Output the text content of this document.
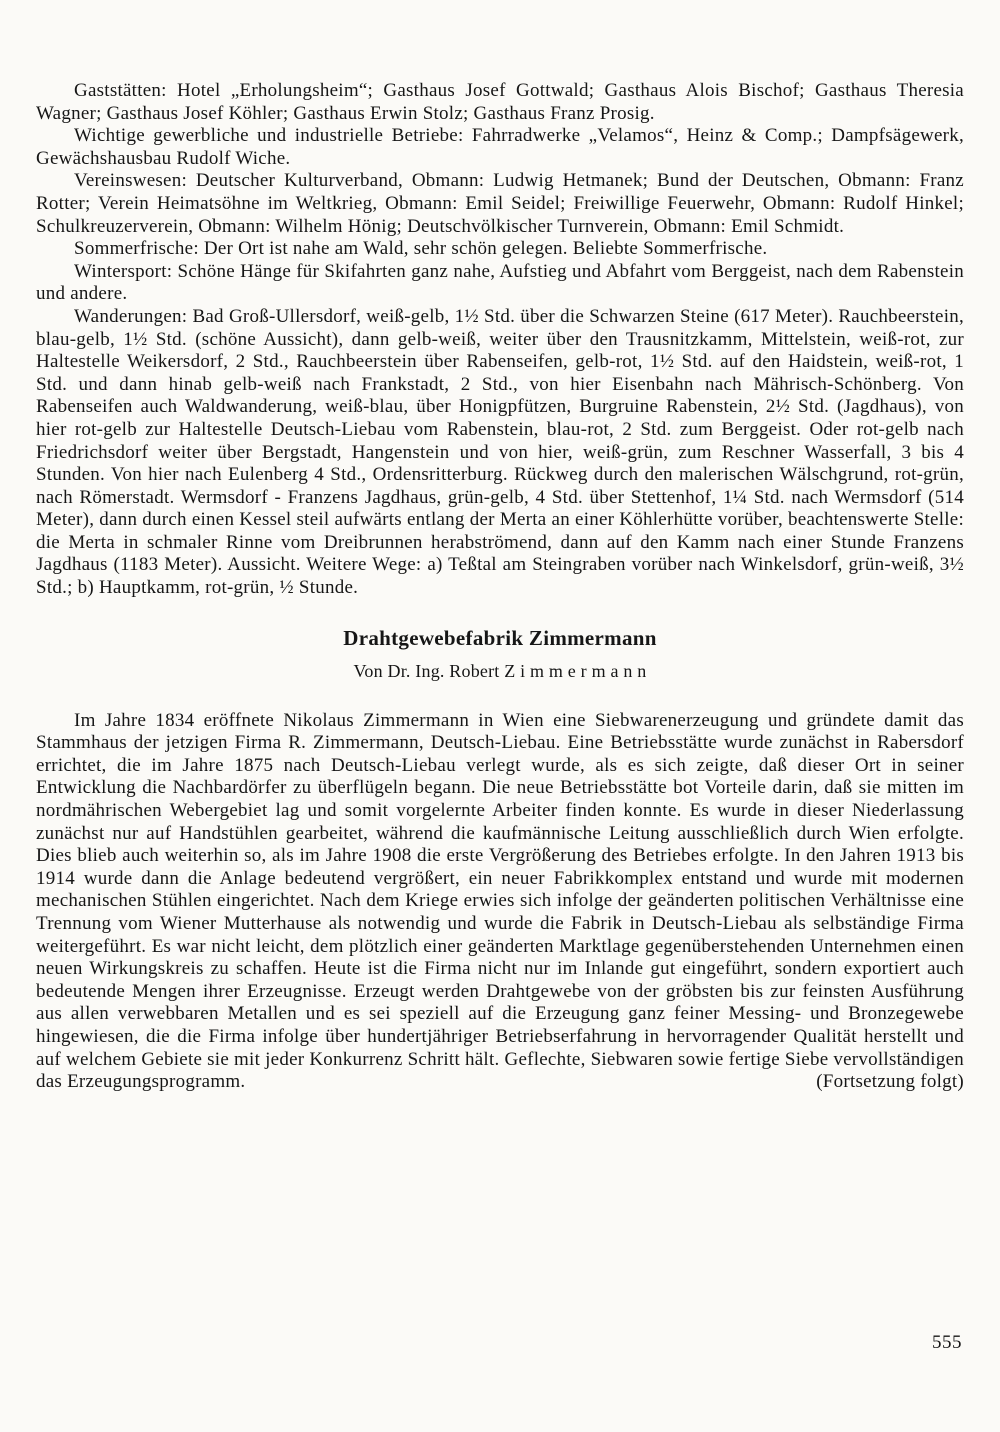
Gaststätten: Hotel „Erholungsheim“; Gasthaus Josef Gottwald; Gasthaus Alois Bischof; Gasthaus Theresia Wagner; Gasthaus Josef Köhler; Gasthaus Erwin Stolz; Gasthaus Franz Prosig.

Wichtige gewerbliche und industrielle Betriebe: Fahrradwerke „Velamos“, Heinz & Comp.; Dampfsägewerk, Gewächshausbau Rudolf Wiche.

Vereinswesen: Deutscher Kulturverband, Obmann: Ludwig Hetmanek; Bund der Deutschen, Obmann: Franz Rotter; Verein Heimatsöhne im Weltkrieg, Obmann: Emil Seidel; Freiwillige Feuerwehr, Obmann: Rudolf Hinkel; Schulkreuzerverein, Obmann: Wilhelm Hönig; Deutschvölkischer Turnverein, Obmann: Emil Schmidt.

Sommerfrische: Der Ort ist nahe am Wald, sehr schön gelegen. Beliebte Sommerfrische.

Wintersport: Schöne Hänge für Skifahrten ganz nahe, Aufstieg und Abfahrt vom Berggeist, nach dem Rabenstein und andere.

Wanderungen: Bad Groß-Ullersdorf, weiß-gelb, 1½ Std. über die Schwarzen Steine (617 Meter). Rauchbeerstein, blau-gelb, 1½ Std. (schöne Aussicht), dann gelb-weiß, weiter über den Trausnitzkamm, Mittelstein, weiß-rot, zur Haltestelle Weikersdorf, 2 Std., Rauchbeerstein über Rabenseifen, gelb-rot, 1½ Std. auf den Haidstein, weiß-rot, 1 Std. und dann hinab gelb-weiß nach Frankstadt, 2 Std., von hier Eisenbahn nach Mährisch-Schönberg. Von Rabenseifen auch Waldwanderung, weiß-blau, über Honigpfützen, Burgruine Rabenstein, 2½ Std. (Jagdhaus), von hier rot-gelb zur Haltestelle Deutsch-Liebau vom Rabenstein, blau-rot, 2 Std. zum Berggeist. Oder rot-gelb nach Friedrichsdorf weiter über Bergstadt, Hangenstein und von hier, weiß-grün, zum Reschner Wasserfall, 3 bis 4 Stunden. Von hier nach Eulenberg 4 Std., Ordensritterburg. Rückweg durch den malerischen Wälschgrund, rot-grün, nach Römerstadt. Wermsdorf - Franzens Jagdhaus, grün-gelb, 4 Std. über Stettenhof, 1¼ Std. nach Wermsdorf (514 Meter), dann durch einen Kessel steil aufwärts entlang der Merta an einer Köhlerhütte vorüber, beachtenswerte Stelle: die Merta in schmaler Rinne vom Dreibrunnen herabströmend, dann auf den Kamm nach einer Stunde Franzens Jagdhaus (1183 Meter). Aussicht. Weitere Wege: a) Teßtal am Steingraben vorüber nach Winkelsdorf, grün-weiß, 3½ Std.; b) Hauptkamm, rot-grün, ½ Stunde.

Drahtgewebefabrik Zimmermann

Von Dr. Ing. Robert Z i m m e r m a n n

Im Jahre 1834 eröffnete Nikolaus Zimmermann in Wien eine Siebwarenerzeugung und gründete damit das Stammhaus der jetzigen Firma R. Zimmermann, Deutsch-Liebau. Eine Betriebsstätte wurde zunächst in Rabersdorf errichtet, die im Jahre 1875 nach Deutsch-Liebau verlegt wurde, als es sich zeigte, daß dieser Ort in seiner Entwicklung die Nachbardörfer zu überflügeln begann. Die neue Betriebsstätte bot Vorteile darin, daß sie mitten im nordmährischen Webergebiet lag und somit vorgelernte Arbeiter finden konnte. Es wurde in dieser Niederlassung zunächst nur auf Handstühlen gearbeitet, während die kaufmännische Leitung ausschließlich durch Wien erfolgte. Dies blieb auch weiterhin so, als im Jahre 1908 die erste Vergrößerung des Betriebes erfolgte. In den Jahren 1913 bis 1914 wurde dann die Anlage bedeutend vergrößert, ein neuer Fabrikkomplex entstand und wurde mit modernen mechanischen Stühlen eingerichtet. Nach dem Kriege erwies sich infolge der geänderten politischen Verhältnisse eine Trennung vom Wiener Mutterhause als notwendig und wurde die Fabrik in Deutsch-Liebau als selbständige Firma weitergeführt. Es war nicht leicht, dem plötzlich einer geänderten Marktlage gegenüberstehenden Unternehmen einen neuen Wirkungskreis zu schaffen. Heute ist die Firma nicht nur im Inlande gut eingeführt, sondern exportiert auch bedeutende Mengen ihrer Erzeugnisse. Erzeugt werden Drahtgewebe von der gröbsten bis zur feinsten Ausführung aus allen verwebbaren Metallen und es sei speziell auf die Erzeugung ganz feiner Messing- und Bronzegewebe hingewiesen, die die Firma infolge über hundertjähriger Betriebserfahrung in hervorragender Qualität herstellt und auf welchem Gebiete sie mit jeder Konkurrenz Schritt hält. Geflechte, Siebwaren sowie fertige Siebe vervollständigen das Erzeugungsprogramm.	(Fortsetzung folgt)

555
